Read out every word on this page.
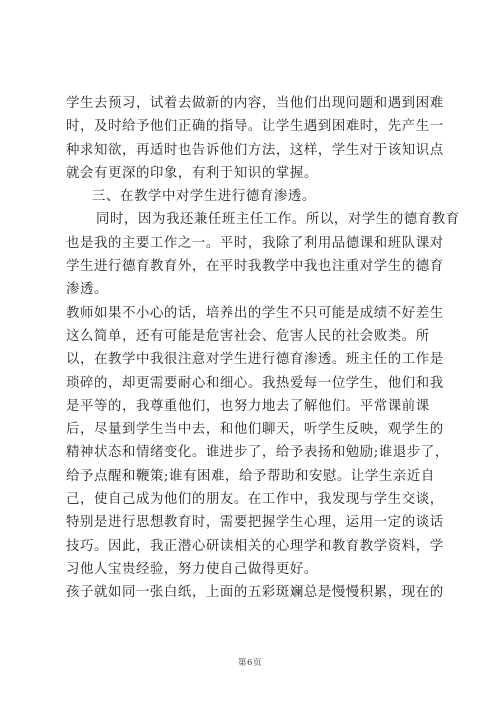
学生去预习，试着去做新的内容，当他们出现问题和遇到困难
时，及时给予他们正确的指导。让学生遇到困难时，先产生一
种求知欲，再适时也告诉他们方法，这样，学生对于该知识点
就会有更深的印象，有利于知识的掌握。
三、在教学中对学生进行德育渗透。
同时，因为我还兼任班主任工作。所以，对学生的德育教育
也是我的主要工作之一。平时，我除了利用品德课和班队课对
学生进行德育教育外，在平时我教学中我也注重对学生的德育
渗透。
教师如果不小心的话，培养出的学生不只可能是成绩不好差生
这么简单，还有可能是危害社会、危害人民的社会败类。所
以，在教学中我很注意对学生进行德育渗透。班主任的工作是
琐碎的，却更需要耐心和细心。我热爱每一位学生，他们和我
是平等的，我尊重他们，也努力地去了解他们。平常课前课
后，尽量到学生当中去，和他们聊天，听学生反映，观学生的
精神状态和情绪变化。谁进步了，给予表扬和勉励;谁退步了，
给予点醒和鞭策;谁有困难，给予帮助和安慰。让学生亲近自
己，使自己成为他们的朋友。在工作中，我发现与学生交谈，
特别是进行思想教育时，需要把握学生心理，运用一定的谈话
技巧。因此，我正潜心研读相关的心理学和教育教学资料，学
习他人宝贵经验，努力使自己做得更好。
孩子就如同一张白纸，上面的五彩斑斓总是慢慢积累，现在的
第6页
